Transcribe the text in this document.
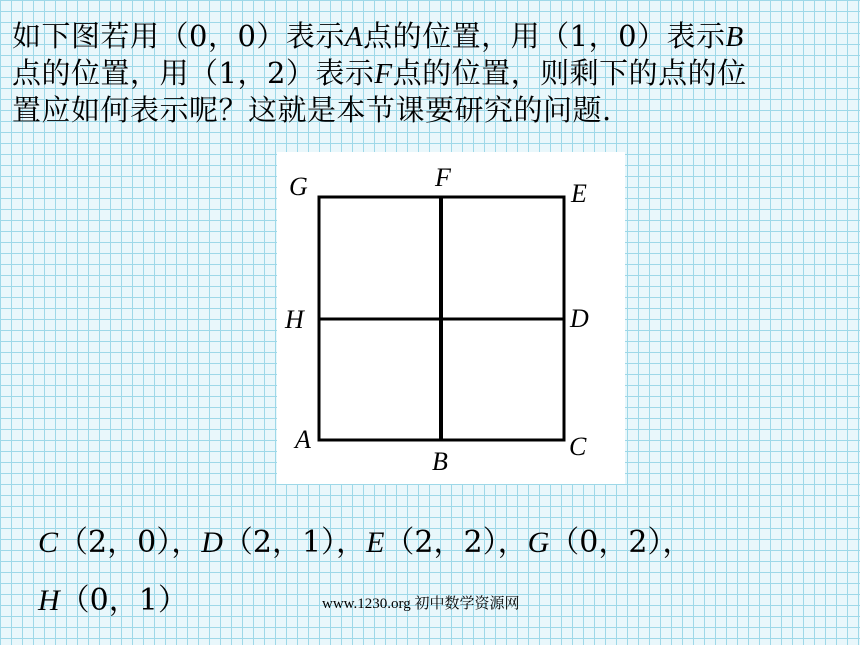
如下图若用（0，0）表示A点的位置，用（1，0）表示B
点的位置，用（1，2）表示F点的位置，则剩下的点的位
置应如何表示呢？这就是本节课要研究的问题.
G	F
E
H	D
A
B
C
C（2，0），D（2，1），E（2，2），G（0，2），
H（0，1）	www.1230.org 初中数学资源网
